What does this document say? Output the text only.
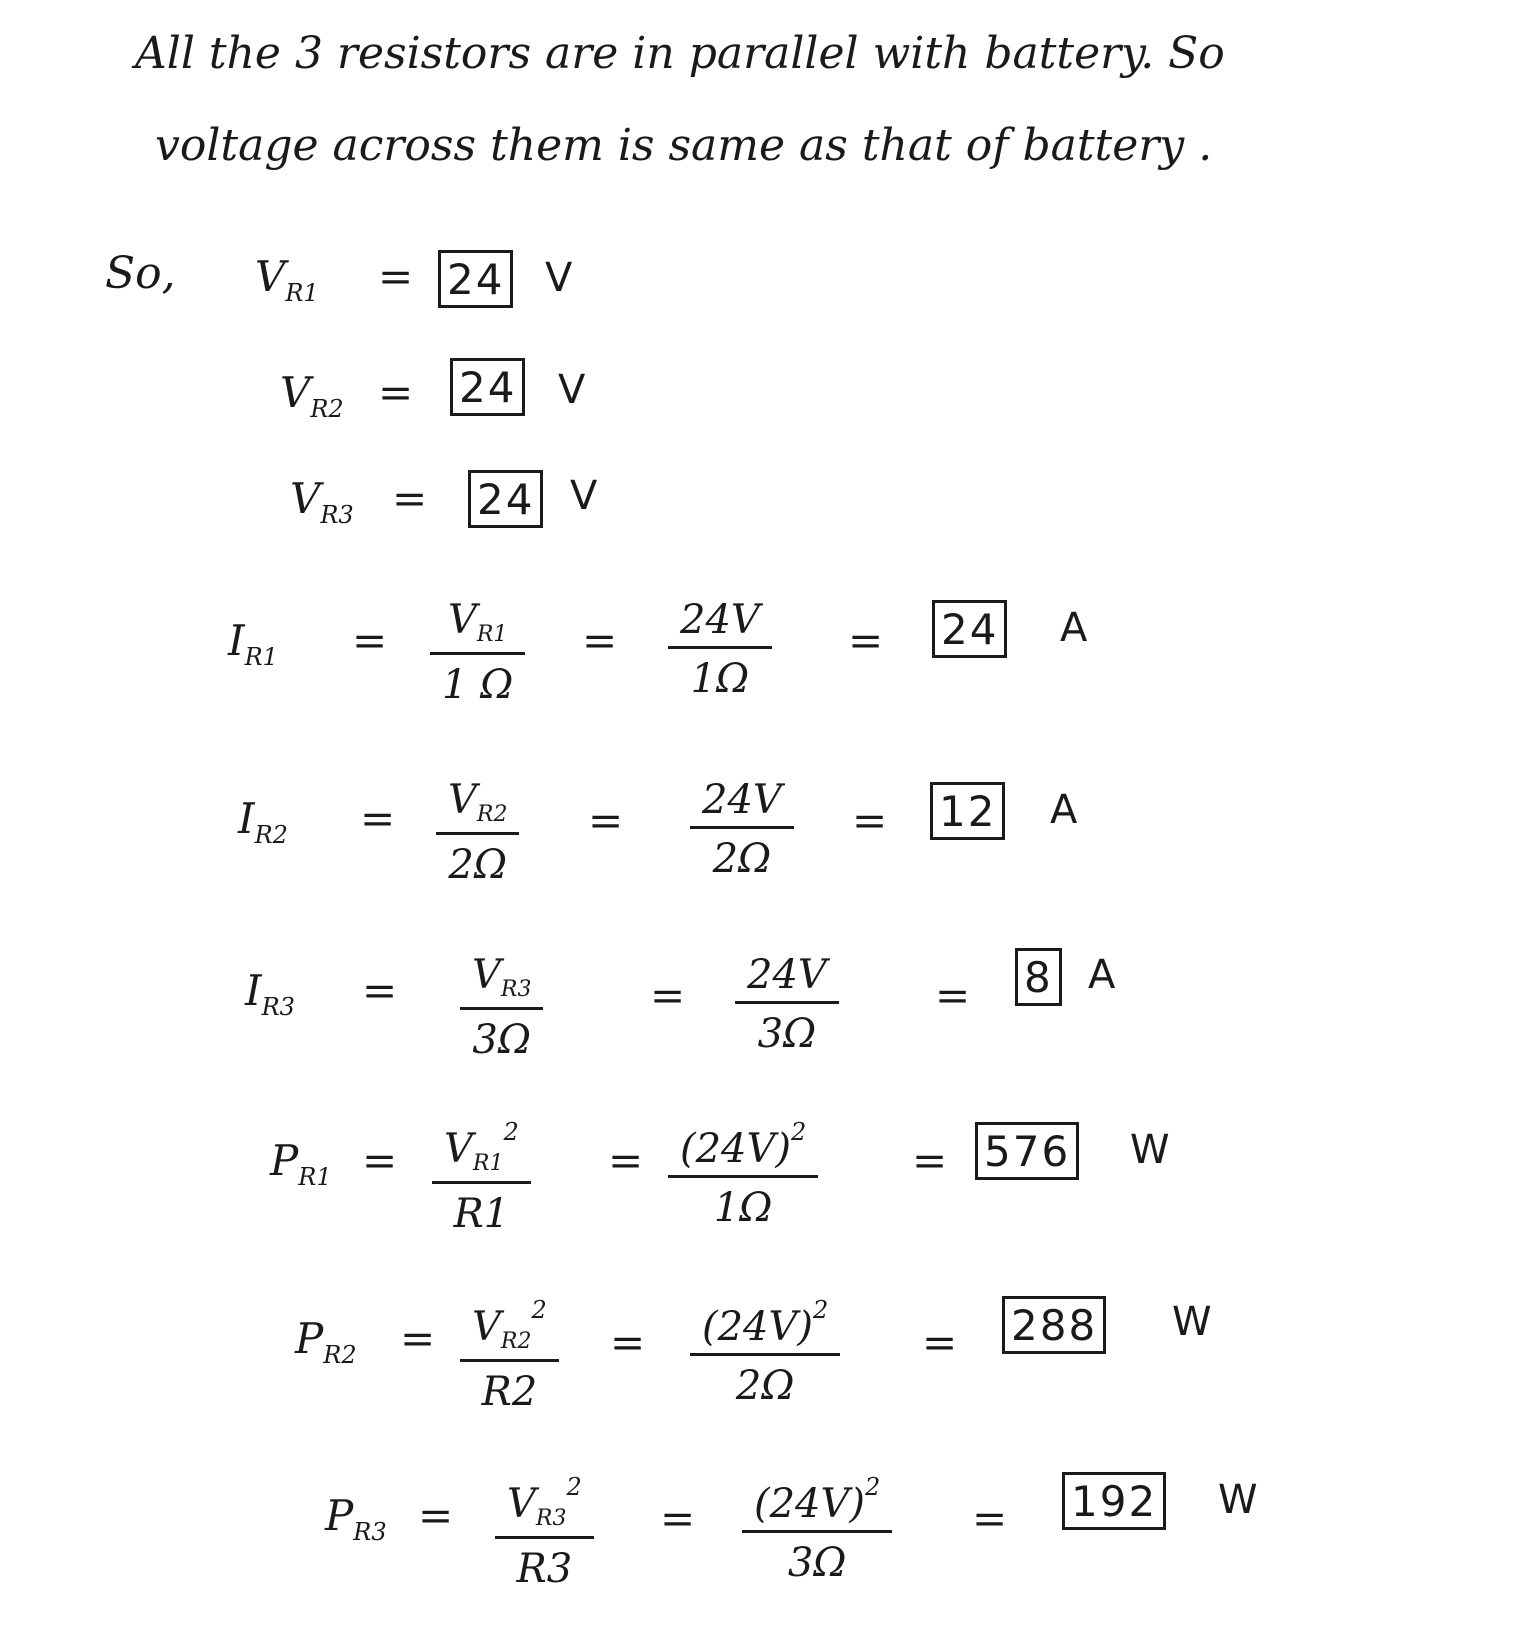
All the 3 resistors are in parallel with battery. So
voltage across them is same as that of battery .
So, $V_{R1} = 24$ V
$V_{R2} = 24$ V
$V_{R3} = 24$ V
$I_{R1} = \frac{V_{R1}}{1 \Omega} = \frac{24V}{1\Omega} = 24$ A
$I_{R2} = \frac{V_{R2}}{2\Omega} = \frac{24V}{2\Omega} = 12$ A
$I_{R3} = \frac{V_{R3}}{3\Omega}$	= $\frac{24V}{3\Omega} = 8$ A
$P_{R1} = \frac{V_{R1}^2}{R1} = \frac{(24V)^2}{1\Omega} = 576$ W
$P_{R2} = \frac{V_{R2}^2}{R2} = \frac{(24V)^2}{2\Omega} = 288$ W
$P_{R3} = \frac{V_{R3}^2}{R3} = \frac{(24V)^2}{3\Omega} = 192$ W
